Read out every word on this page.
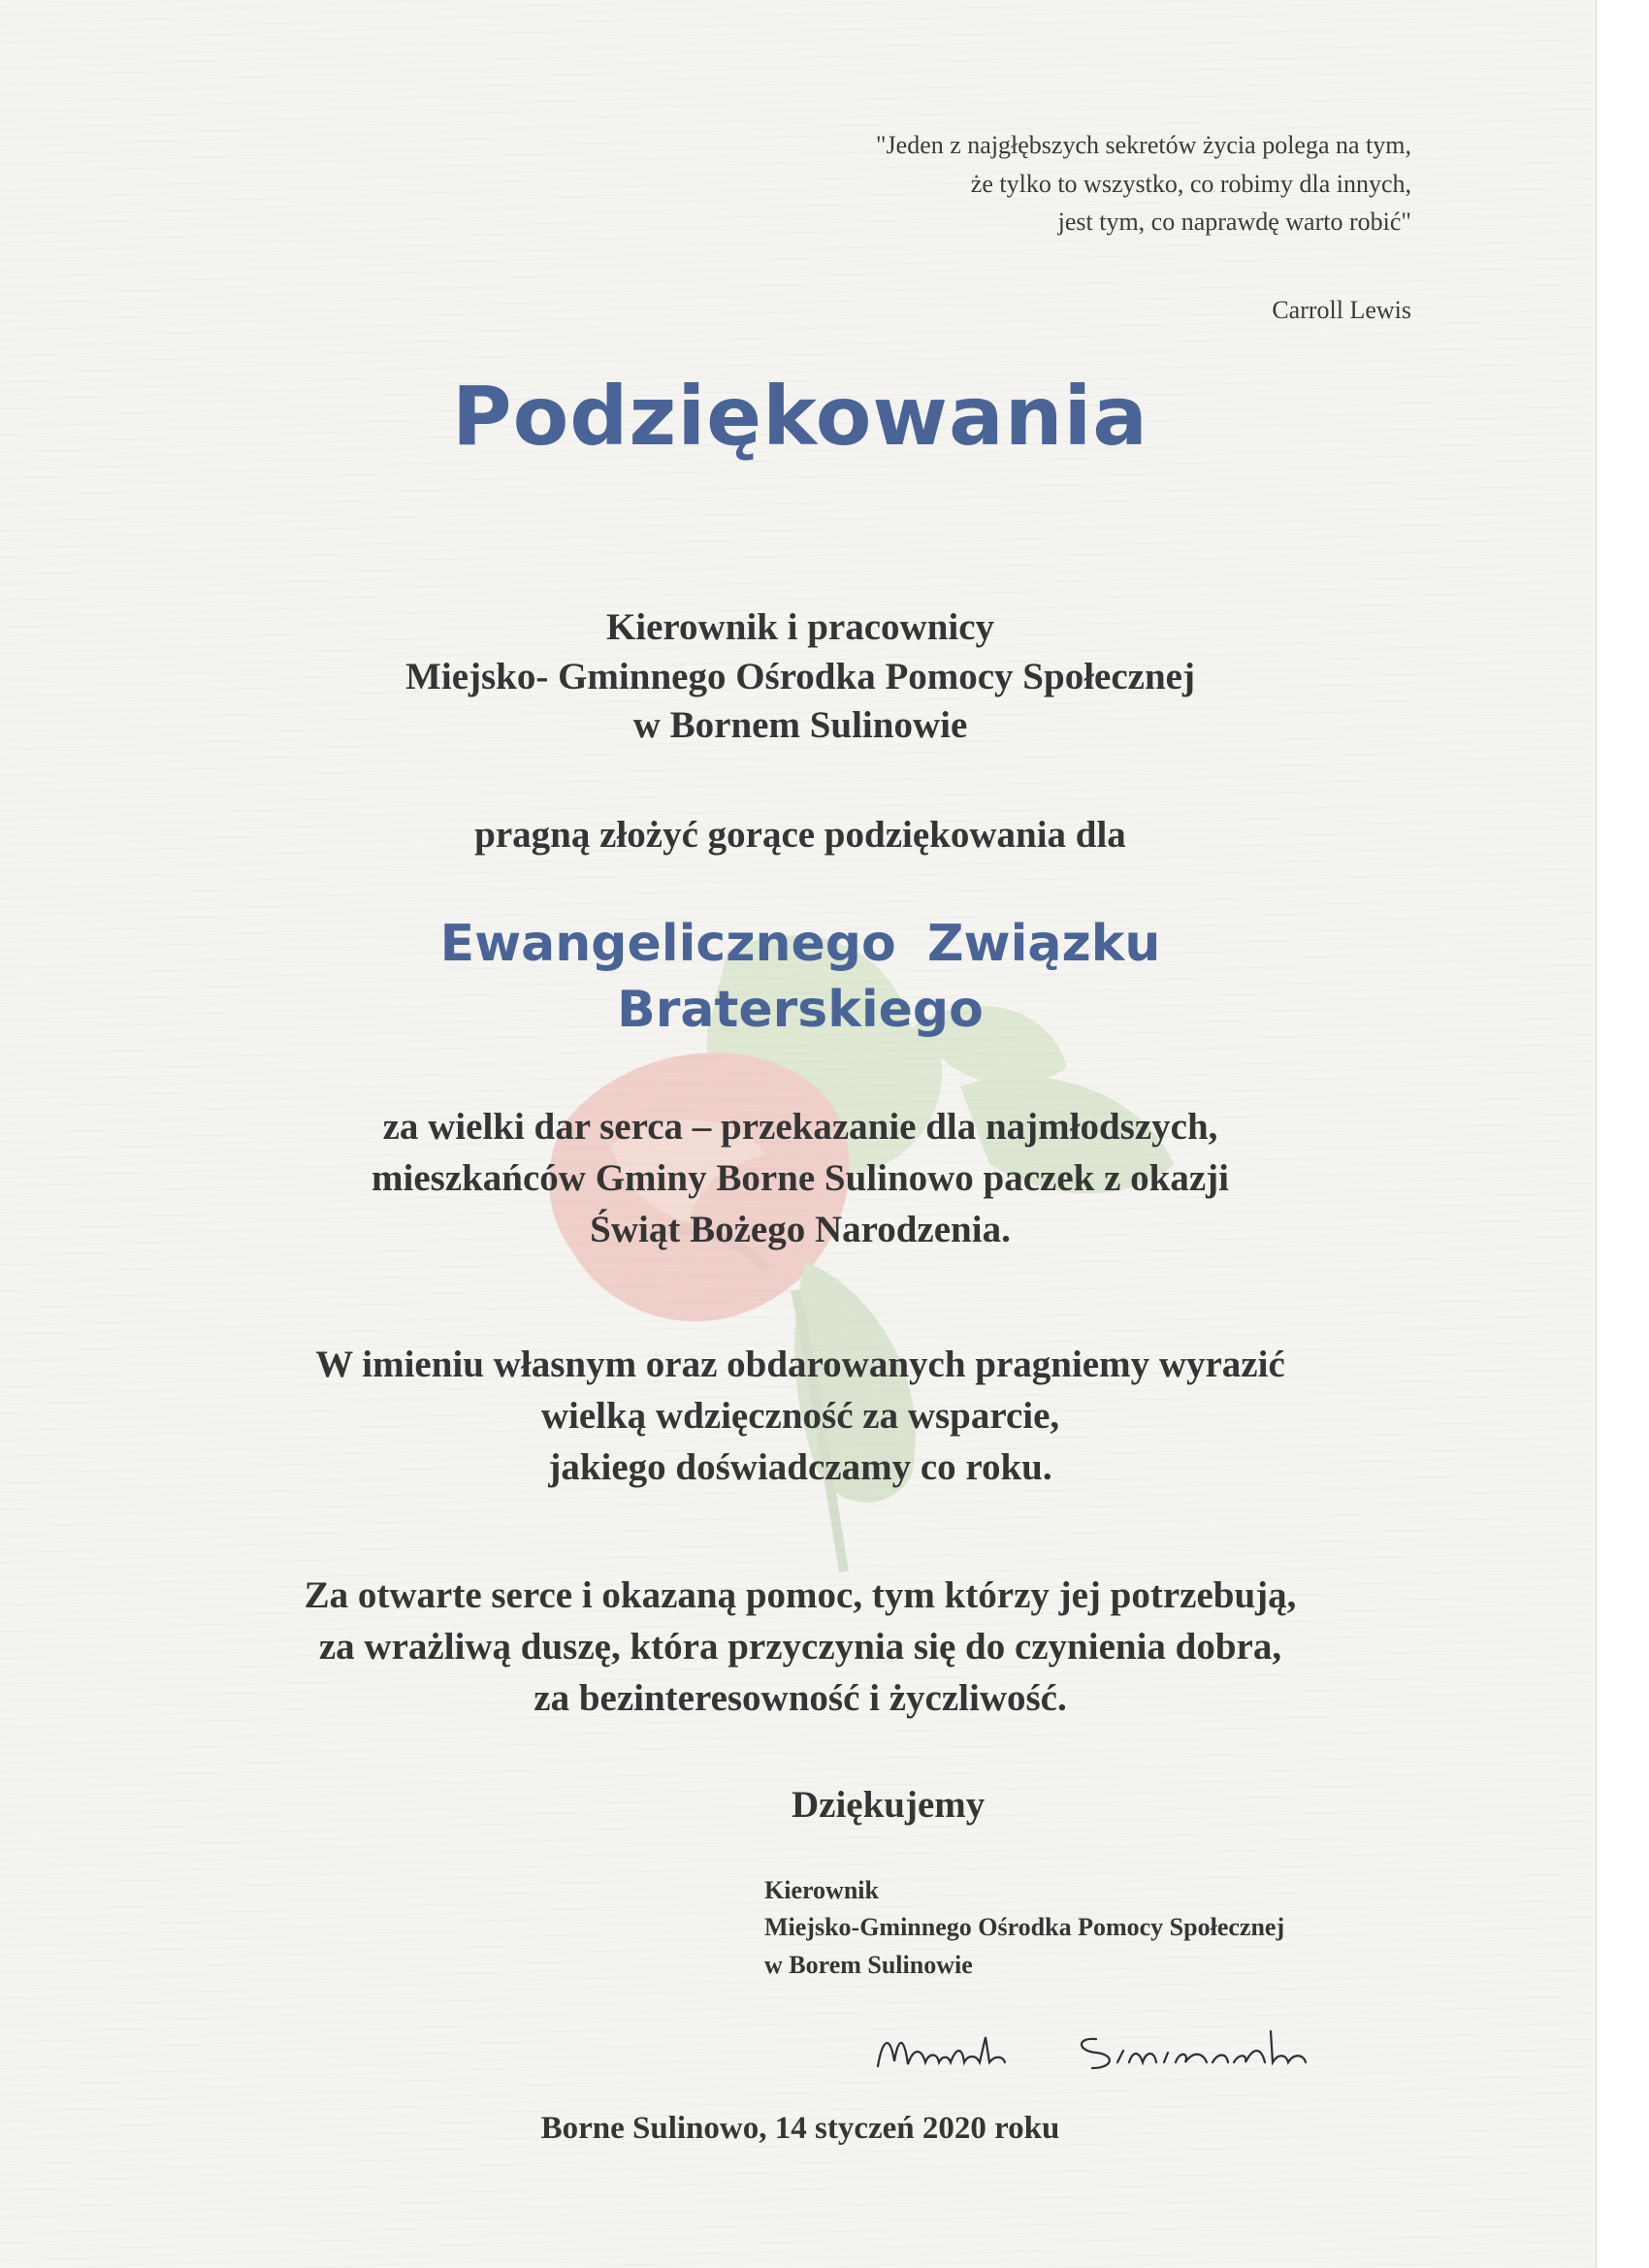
"Jeden z najgłębszych sekretów życia polega na tym,
że tylko to wszystko, co robimy dla innych,
jest tym, co naprawdę warto robić"
Carroll Lewis
Podziękowania
Kierownik i pracownicy
Miejsko- Gminnego Ośrodka Pomocy Społecznej
w Bornem Sulinowie
pragną złożyć gorące podziękowania dla
Ewangelicznego Związku
Braterskiego
za wielki dar serca – przekazanie dla najmłodszych,
mieszkańców Gminy Borne Sulinowo paczek z okazji
Świąt Bożego Narodzenia.
W imieniu własnym oraz obdarowanych pragniemy wyrazić
wielką wdzięczność za wsparcie,
jakiego doświadczamy co roku.
Za otwarte serce i okazaną pomoc, tym którzy jej potrzebują,
za wrażliwą duszę, która przyczynia się do czynienia dobra,
za bezinteresowność i życzliwość.
Dziękujemy
Kierownik
Miejsko-Gminnego Ośrodka Pomocy Społecznej
w Borem Sulinowie
Borne Sulinowo, 14 styczeń 2020 roku
